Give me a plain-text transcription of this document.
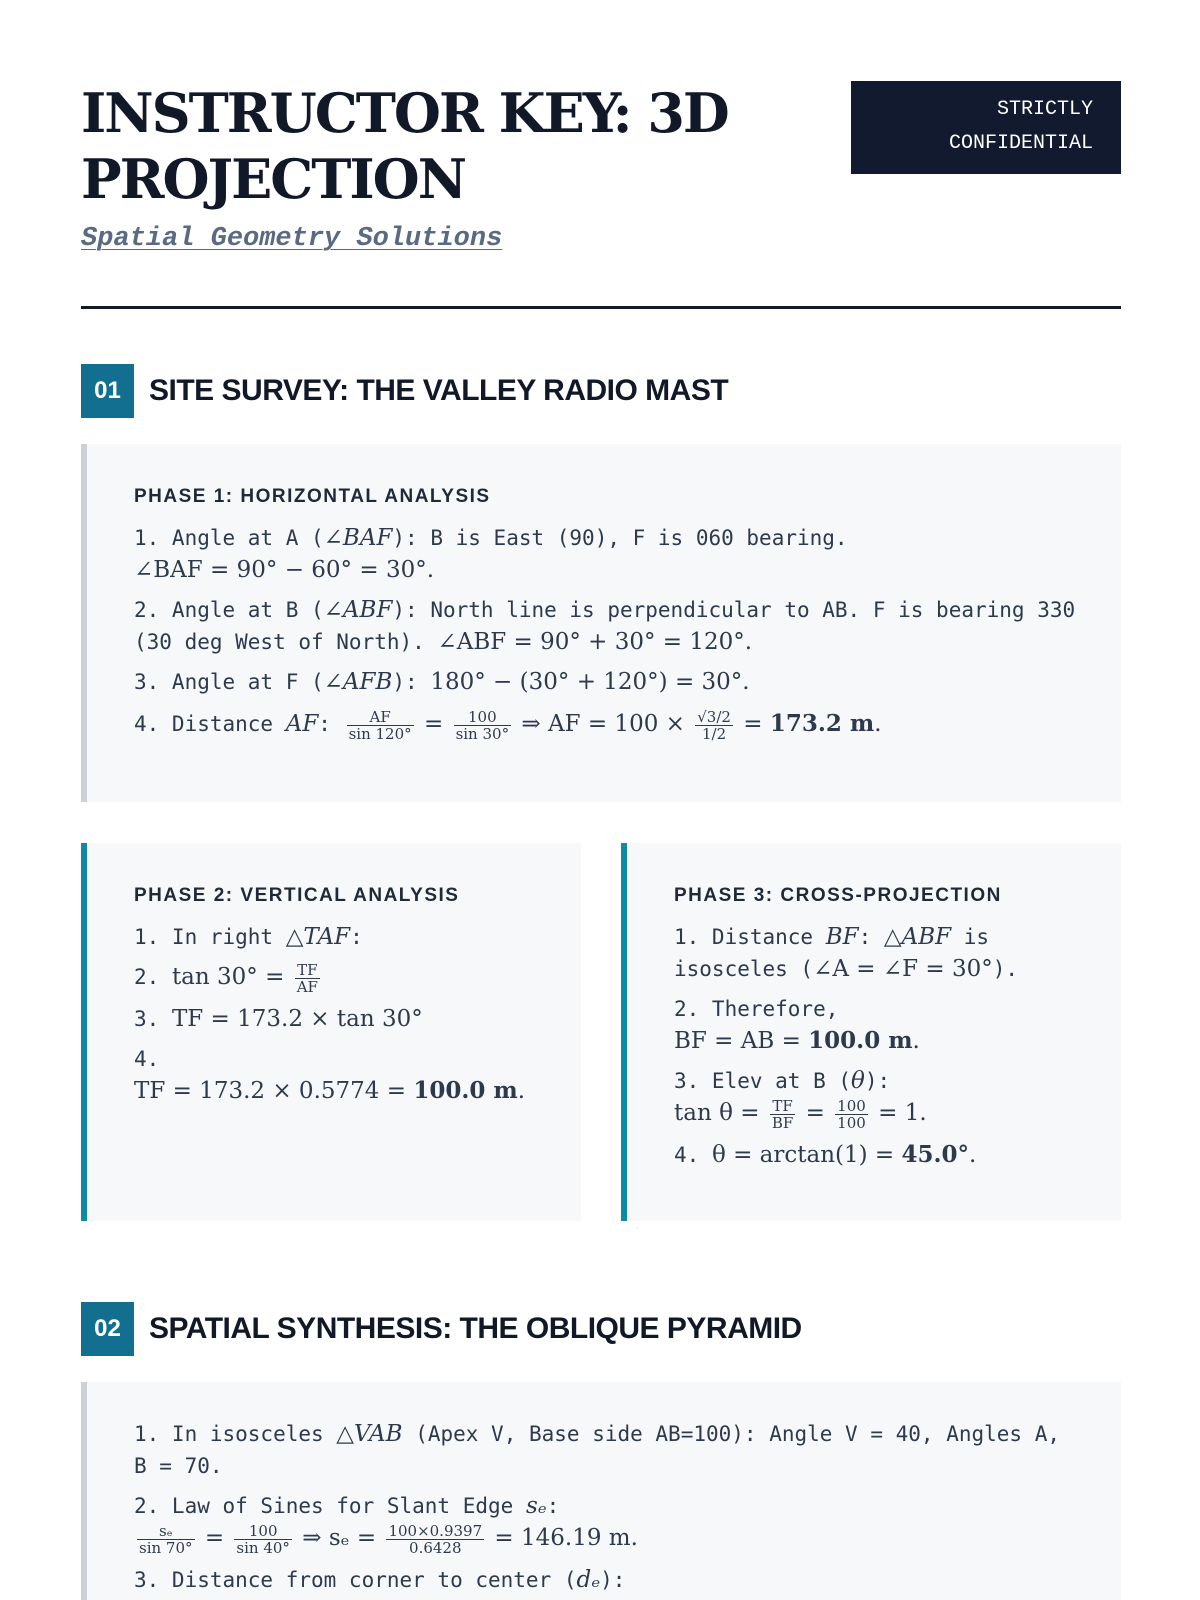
INSTRUCTOR KEY: 3D PROJECTION
Spatial Geometry Solutions
STRICTLY
CONFIDENTIAL
01 SITE SURVEY: THE VALLEY RADIO MAST
PHASE 1: HORIZONTAL ANALYSIS
1. Angle at A (∠BAF): B is East (90), F is 060 bearing.
∠BAF = 90° − 60° = 30°.
2. Angle at B (∠ABF): North line is perpendicular to AB. F is bearing 330 (30 deg West of North). ∠ABF = 90° + 30° = 120°.
3. Angle at F (∠AFB): 180° − (30° + 120°) = 30°.
4. Distance AF: $\frac{AF}{\sin 120^\circ} = \frac{100}{\sin 30^\circ}$ ⇒ AF = $100 \times \frac{√3/2}{1/2} = 173.2$ m.
PHASE 2: VERTICAL ANALYSIS
1. In right △TAF:
2. $\tan 30^\circ = \frac{TF}{AF}$
3. TF = 173.2 × tan 30°
4.
TF = 173.2 × 0.5774 = 100.0 m.
PHASE 3: CROSS-PROJECTION
1. Distance BF: △ABF is isosceles (∠A = ∠F = 30°).
2. Therefore,
BF = AB = 100.0 m.
3. Elev at B (θ):
$\tan \theta = \frac{TF}{BF} = \frac{100}{100} = 1$.
4. θ = arctan(1) = 45.0°.
02 SPATIAL SYNTHESIS: THE OBLIQUE PYRAMID
1. In isosceles △VAB (Apex V, Base side AB=100): Angle V = 40, Angles A, B = 70.
2. Law of Sines for Slant Edge sₑ:

$\frac{\text{sₑ}}{\sin 70^\circ} = \frac{100}{\sin 40^\circ}$ ⇒ $s_e = \frac{100\times 0.9397}{0.6428} = 146.19$ m.
3. Distance from corner to center (dₑ):
